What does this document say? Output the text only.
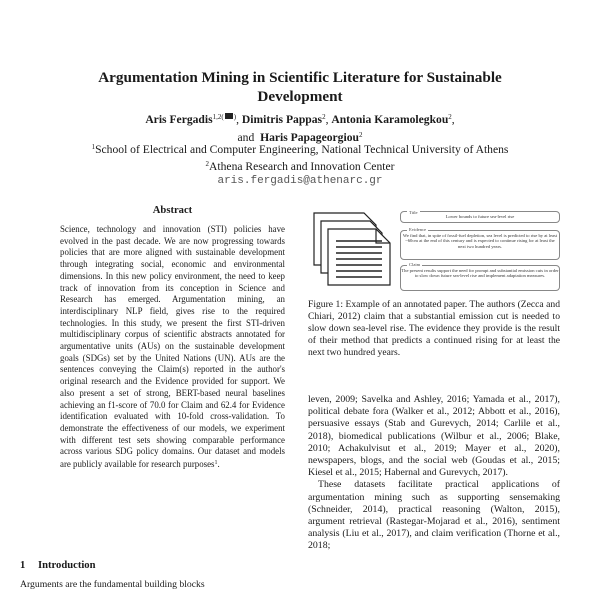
Argumentation Mining in Scientific Literature for Sustainable Development
Aris Fergadis$^{1,2(}$ ), Dimitris Pappas$^2$, Antonia Karamolegkou$^2$,
and Haris Papageorgiou$^2$
$^1$School of Electrical and Computer Engineering, National Technical University of Athens
$^2$Athena Research and Innovation Center
aris.fergadis@athenarc.gr
Abstract
Science, technology and innovation (STI) policies have evolved in the past decade. We are now progressing towards policies that are more aligned with sustainable development through integrating social, economic and environmental dimensions. In this new policy environment, the need to keep track of innovation from its conception in Science and Research has emerged. Argumentation mining, an interdisciplinary NLP field, gives rise to the required technologies. In this study, we present the first STI-driven multidisciplinary corpus of scientific abstracts annotated for argumentative units (AUs) on the sustainable development goals (SDGs) set by the United Nations (UN). AUs are the sentences conveying the Claim(s) reported in the author's original research and the Evidence provided for support. We also present a set of strong, BERT-based neural baselines achieving an f1-score of 70.0 for Claim and 62.4 for Evidence identification evaluated with 10-fold cross-validation. To demonstrate the effectiveness of our models, we experiment with different test sets showing comparable performance across various SDG policy domains. Our dataset and models are publicly available for research purposes$^1$.
1 Introduction
Arguments are the fundamental building blocks
Title
Lower bounds to future sea-level rise
Evidence
We find that, in spite of fossil-fuel depletion, sea level is predicted to rise by at least ~60cm at the end of this century and is expected to continue rising for at least the next two hundred years.
Claim
The present results support the need for prompt and substantial emission cuts in order to slow down future sea-level rise and implement adaptation measures.
Figure 1: Example of an annotated paper. The authors (Zecca and Chiari, 2012) claim that a substantial emission cut is needed to slow down sea-level rise. The evidence they provide is the result of their method that predicts a continued rising for at least the next two hundred years.

leven, 2009; Savelka and Ashley, 2016; Yamada et al., 2017), political debate fora (Walker et al., 2012; Abbott et al., 2016), persuasive essays (Stab and Gurevych, 2014; Carlile et al., 2018), biomedical publications (Wilbur et al., 2006; Blake, 2010; Achakulvisut et al., 2019; Mayer et al., 2020), newspapers, blogs, and the social web (Goudas et al., 2015; Kiesel et al., 2015; Habernal and Gurevych, 2017).

These datasets facilitate practical applications of argumentation mining such as supporting sensemaking (Schneider, 2014), practical reasoning (Walton, 2015), argument retrieval (Rastegar-Mojarad et al., 2016), sentiment analysis (Liu et al., 2017), and claim verification (Thorne et al., 2018;
